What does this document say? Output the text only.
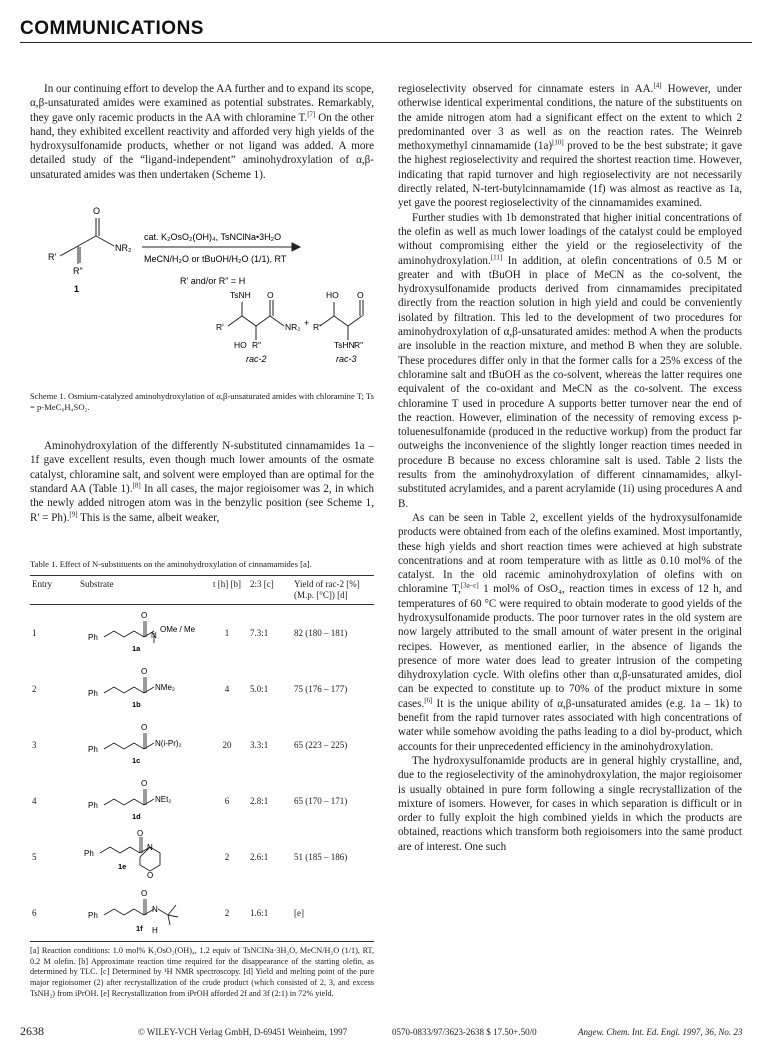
COMMUNICATIONS

In our continuing effort to develop the AA further and to expand its scope, α,β-unsaturated amides were examined as potential substrates. Remarkably, they gave only racemic products in the AA with chloramine T.[7] On the other hand, they exhibited excellent reactivity and afforded very high yields of the hydroxysulfonamide products, whether or not ligand was added. A more detailed study of the “ligand-independent” aminohydroxylation of α,β-unsaturated amides was then undertaken (Scheme 1).

O
R'
NR₂
R"
1
cat. K₂OsO₂(OH)₄, TsNClNa•3H₂O
MeCN/H₂O or tBuOH/H₂O (1/1), RT
R' and/or R" = H
TsNH O
R'	NR₂
HO R"
+
HO O
R'
TsHN R"
rac-2	rac-3
Scheme 1. Osmium-catalyzed aminohydroxylation of α,β-unsaturated amides with chloramine T; Ts = p-MeC₆H₄SO₂.

Aminohydroxylation of the differently N-substituted cinnamamides 1a – 1f gave excellent results, even though much lower amounts of the osmate catalyst, chloramine salt, and solvent were employed than are optimal for the standard AA (Table 1).[8] In all cases, the major regioisomer was 2, in which the newly added nitrogen atom was in the benzylic position (see Scheme 1, R' = Ph).[9] This is the same, albeit weaker,

Table 1. Effect of N-substituents on the aminohydroxylation of cinnamamides [a].
Entry	Substrate	t [h] [b]	2:3 [c]	Yield of rac-2 [%] (M.p. [°C]) [d]
1	Ph
O
N
OMe / Me
1a	1	7.3:1	82 (180 – 181)
2	Ph
O
NMe₂
1b	4	5.0:1	75 (176 – 177)
3	Ph
O
N(i-Pr)₂
1c	20	3.3:1	65 (223 – 225)
4	Ph
O
NEt₂
1d	6	2.8:1	65 (170 – 171)
5	Ph
O
N
O
1e	2	2.6:1	51 (185 – 186)
6	Ph
O
N
H
1f	2	1.6:1	[e]
[a] Reaction conditions: 1.0 mol% K₂OsO₂(OH)₄, 1.2 equiv of TsNClNa·3H₂O, MeCN/H₂O (1/1), RT, 0.2 M olefin. [b] Approximate reaction time required for the disappearance of the starting olefin, as determined by TLC. [c] Determined by ¹H NMR spectroscopy. [d] Yield and melting point of the pure major regioisomer (2) after recrystallization of the crude product (which consisted of 2, 3, and excess TsNH₂) from iPrOH. [e] Recrystallization from iPrOH afforded 2f and 3f (2:1) in 72% yield.

regioselectivity observed for cinnamate esters in AA.[4] However, under otherwise identical experimental conditions, the nature of the substituents on the amide nitrogen atom had a significant effect on the extent to which 2 predominanted over 3 as well as on the reaction rates. The Weinreb methoxymethyl cinnamamide (1a)[10] proved to be the best substrate; it gave the highest regioselectivity and required the shortest reaction time. However, indicating that rapid turnover and high regioselectivity are not necessarily directly related, N-tert-butylcinnamamide (1f) was almost as reactive as 1a, yet gave the poorest regioselectivity of the cinnamamides examined.

Further studies with 1b demonstrated that higher initial concentrations of the olefin as well as much lower loadings of the catalyst could be employed without compromising either the yield or the regioselectivity of the aminohydroxylation.[11] In addition, at olefin concentrations of 0.5 M or greater and with tBuOH in place of MeCN as the co-solvent, the hydroxysulfonamide products derived from cinnamamides precipitated directly from the reaction solution in high yield and could be conveniently isolated by filtration. This led to the development of two procedures for aminohydroxylation of α,β-unsaturated amides: method A when the products are insoluble in the reaction mixture, and method B when they are soluble. These procedures differ only in that the former calls for a 25% excess of the chloramine salt and tBuOH as the co-solvent, whereas the latter requires one equivalent of the co-oxidant and MeCN as the co-solvent. The excess chloramine T used in procedure A supports better turnover near the end of the reaction. However, elimination of the necessity of removing excess p-toluenesulfonamide (produced in the reductive workup) from the product far outweighs the inconvenience of the slightly longer reaction times needed in procedure B because no excess chloramine salt is used. Table 2 lists the results from the aminohydroxylation of different cinnamamides, alkyl-substituted acrylamides, and a parent acrylamide (1i) using procedures A and B.

As can be seen in Table 2, excellent yields of the hydroxysulfonamide products were obtained from each of the olefins examined. Most importantly, these high yields and short reaction times were achieved at high substrate concentrations and at room temperature with as little as 0.10 mol% of the catalyst. In the old racemic aminohydroxylation of olefins with on chloramine T,[3a–c] 1 mol% of OsO₄, reaction times in excess of 12 h, and temperatures of 60 °C were required to obtain moderate to good yields of the hydroxysulfonamide products. The poor turnover rates in the old system are now largely attributed to the small amount of water present in the original recipes. However, as mentioned earlier, in the absence of ligands the presence of more water does lead to greater intrusion of the competing dihydroxylation cycle. With olefins other than α,β-unsaturated amides, diol can be expected to constitute up to 70% of the product mixture in some cases.[6] It is the unique ability of α,β-unsaturated amides (e.g. 1a – 1k) to benefit from the rapid turnover rates associated with high concentrations of water while somehow avoiding the paths leading to a diol by-product, which accounts for their unprecedented efficiency in the aminohydroxylation.

The hydroxysulfonamide products are in general highly crystalline, and, due to the regioselectivity of the aminohydroxylation, the major regioisomer is usually obtained in pure form following a single recrystallization of the mixture of isomers. However, for cases in which separation is difficult or in order to fully exploit the high combined yields in which the products are obtained, reactions which transform both regioisomers into the same product are of interest. One such

2638	© WILEY-VCH Verlag GmbH, D-69451 Weinheim, 1997	0570-0833/97/3623-2638 $ 17.50+.50/0	Angew. Chem. Int. Ed. Engl. 1997, 36, No. 23
